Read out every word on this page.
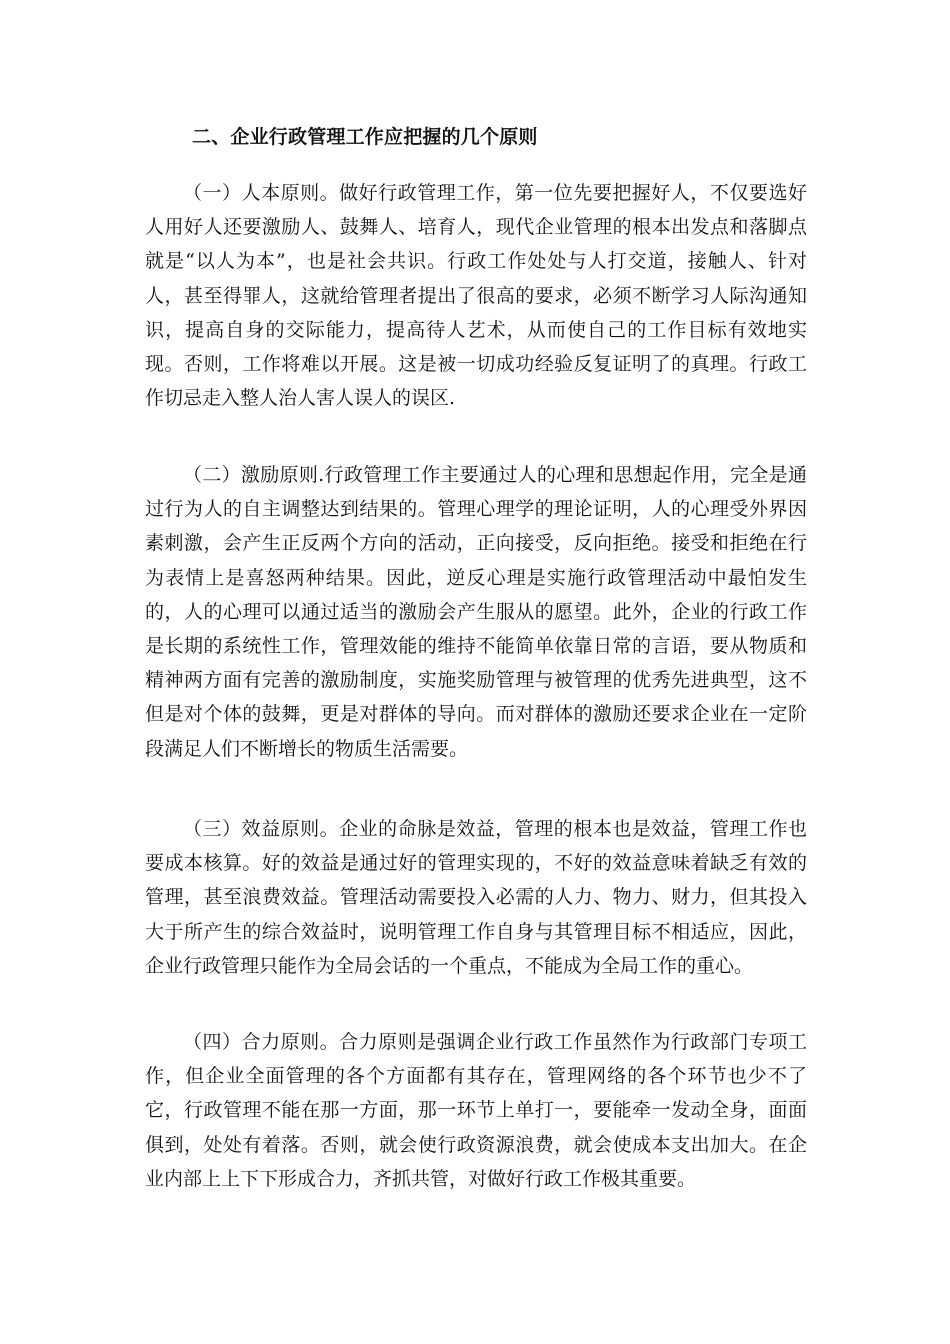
二、企业行政管理工作应把握的几个原则

（一）人本原则。做好行政管理工作，第一位先要把握好人，不仅要选好人用好人还要激励人、鼓舞人、培育人，现代企业管理的根本出发点和落脚点就是“以人为本”，也是社会共识。行政工作处处与人打交道，接触人、针对人，甚至得罪人，这就给管理者提出了很高的要求，必须不断学习人际沟通知识，提高自身的交际能力，提高待人艺术，从而使自己的工作目标有效地实现。否则，工作将难以开展。这是被一切成功经验反复证明了的真理。行政工作切忌走入整人治人害人误人的误区.

（二）激励原则.行政管理工作主要通过人的心理和思想起作用，完全是通过行为人的自主调整达到结果的。管理心理学的理论证明，人的心理受外界因素刺激，会产生正反两个方向的活动，正向接受，反向拒绝。接受和拒绝在行为表情上是喜怒两种结果。因此，逆反心理是实施行政管理活动中最怕发生的，人的心理可以通过适当的激励会产生服从的愿望。此外，企业的行政工作是长期的系统性工作，管理效能的维持不能简单依靠日常的言语，要从物质和精神两方面有完善的激励制度，实施奖励管理与被管理的优秀先进典型，这不但是对个体的鼓舞，更是对群体的导向。而对群体的激励还要求企业在一定阶段满足人们不断增长的物质生活需要。

（三）效益原则。企业的命脉是效益，管理的根本也是效益，管理工作也要成本核算。好的效益是通过好的管理实现的，不好的效益意味着缺乏有效的管理，甚至浪费效益。管理活动需要投入必需的人力、物力、财力，但其投入大于所产生的综合效益时，说明管理工作自身与其管理目标不相适应，因此，企业行政管理只能作为全局会话的一个重点，不能成为全局工作的重心。

（四）合力原则。合力原则是强调企业行政工作虽然作为行政部门专项工作，但企业全面管理的各个方面都有其存在，管理网络的各个环节也少不了它，行政管理不能在那一方面，那一环节上单打一，要能牵一发动全身，面面俱到，处处有着落。否则，就会使行政资源浪费，就会使成本支出加大。在企业内部上上下下形成合力，齐抓共管，对做好行政工作极其重要。
